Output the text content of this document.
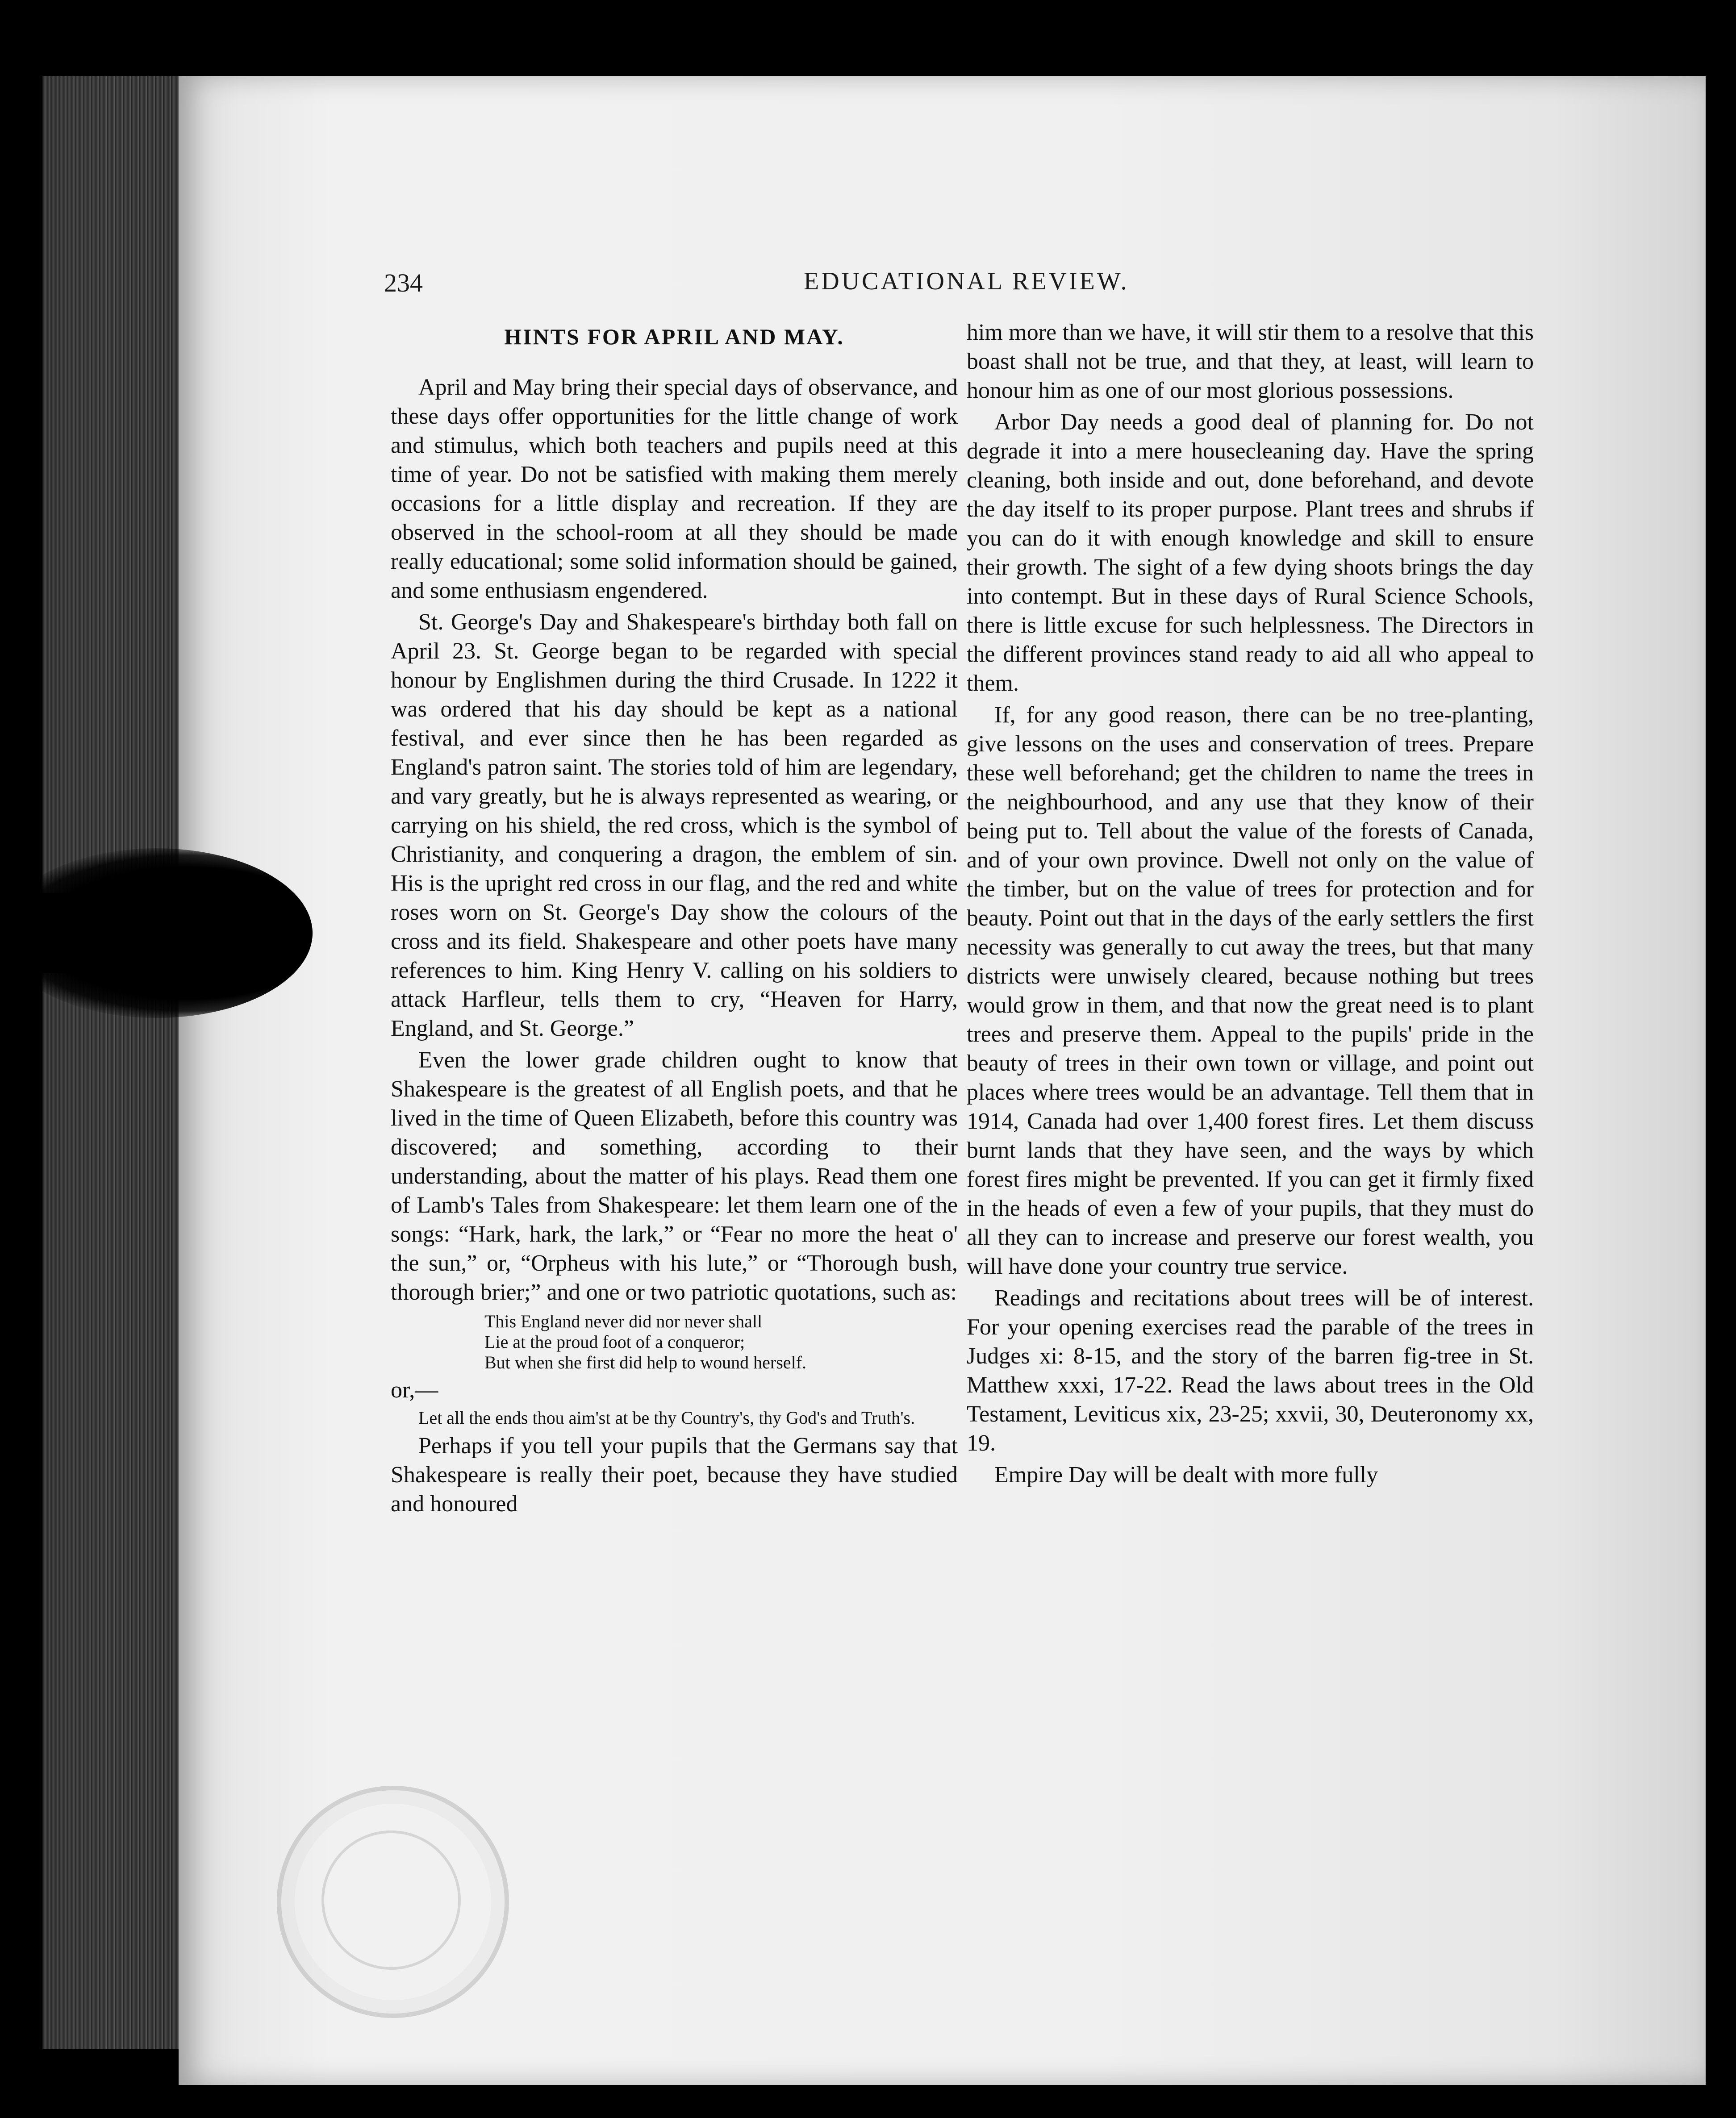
234	EDUCATIONAL REVIEW.
HINTS FOR APRIL AND MAY.

April and May bring their special days of observance, and these days offer opportunities for the little change of work and stimulus, which both teachers and pupils need at this time of year. Do not be satisfied with making them merely occasions for a little display and recreation. If they are observed in the school-room at all they should be made really educational; some solid information should be gained, and some enthusiasm engendered.

St. George's Day and Shakespeare's birthday both fall on April 23. St. George began to be regarded with special honour by Englishmen during the third Crusade. In 1222 it was ordered that his day should be kept as a national festival, and ever since then he has been regarded as England's patron saint. The stories told of him are legendary, and vary greatly, but he is always represented as wearing, or carrying on his shield, the red cross, which is the symbol of Christianity, and conquering a dragon, the emblem of sin. His is the upright red cross in our flag, and the red and white roses worn on St. George's Day show the colours of the cross and its field. Shakespeare and other poets have many references to him. King Henry V. calling on his soldiers to attack Harfleur, tells them to cry, “Heaven for Harry, England, and St. George.”

Even the lower grade children ought to know that Shakespeare is the greatest of all English poets, and that he lived in the time of Queen Elizabeth, before this country was discovered; and something, according to their understanding, about the matter of his plays. Read them one of Lamb's Tales from Shakespeare: let them learn one of the songs: “Hark, hark, the lark,” or “Fear no more the heat o' the sun,” or, “Orpheus with his lute,” or “Thorough bush, thorough brier;” and one or two patriotic quotations, such as:

This England never did nor never shall
Lie at the proud foot of a conqueror;
But when she first did help to wound herself.

or,—

Let all the ends thou aim'st at be thy Country's, thy God's and Truth's.

Perhaps if you tell your pupils that the Germans say that Shakespeare is really their poet, because they have studied and honoured

him more than we have, it will stir them to a resolve that this boast shall not be true, and that they, at least, will learn to honour him as one of our most glorious possessions.

Arbor Day needs a good deal of planning for. Do not degrade it into a mere housecleaning day. Have the spring cleaning, both inside and out, done beforehand, and devote the day itself to its proper purpose. Plant trees and shrubs if you can do it with enough knowledge and skill to ensure their growth. The sight of a few dying shoots brings the day into contempt. But in these days of Rural Science Schools, there is little excuse for such helplessness. The Directors in the different provinces stand ready to aid all who appeal to them.

If, for any good reason, there can be no tree-planting, give lessons on the uses and conservation of trees. Prepare these well beforehand; get the children to name the trees in the neighbourhood, and any use that they know of their being put to. Tell about the value of the forests of Canada, and of your own province. Dwell not only on the value of the timber, but on the value of trees for protection and for beauty. Point out that in the days of the early settlers the first necessity was generally to cut away the trees, but that many districts were unwisely cleared, because nothing but trees would grow in them, and that now the great need is to plant trees and preserve them. Appeal to the pupils' pride in the beauty of trees in their own town or village, and point out places where trees would be an advantage. Tell them that in 1914, Canada had over 1,400 forest fires. Let them discuss burnt lands that they have seen, and the ways by which forest fires might be prevented. If you can get it firmly fixed in the heads of even a few of your pupils, that they must do all they can to increase and preserve our forest wealth, you will have done your country true service.

Readings and recitations about trees will be of interest. For your opening exercises read the parable of the trees in Judges xi: 8-15, and the story of the barren fig-tree in St. Matthew xxxi, 17-22. Read the laws about trees in the Old Testament, Leviticus xix, 23-25; xxvii, 30, Deuteronomy xx, 19.

Empire Day will be dealt with more fully
